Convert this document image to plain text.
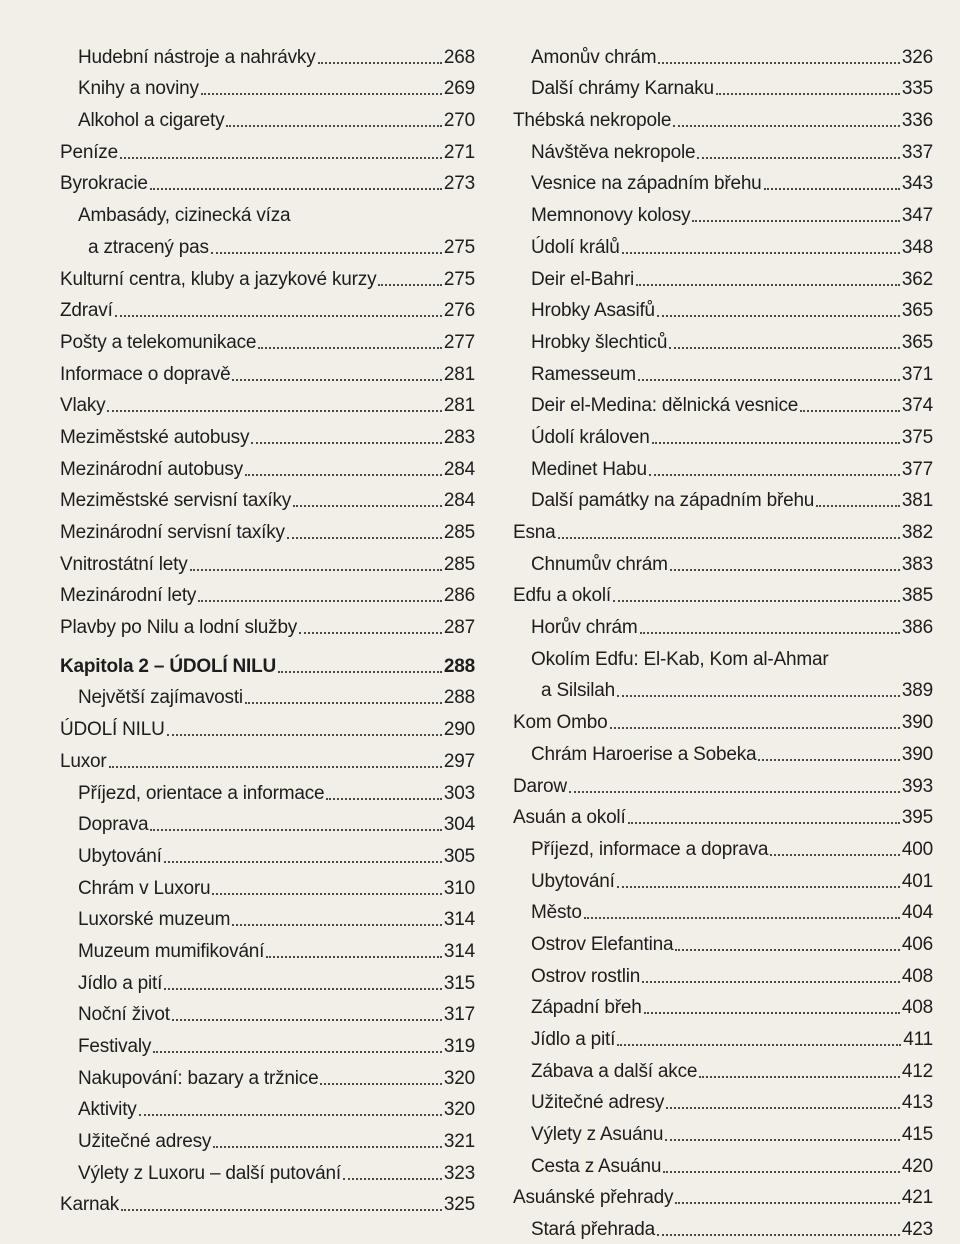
Hudební nástroje a nahrávky	268
Knihy a noviny	269
Alkohol a cigarety	270
Peníze	271
Byrokracie	273
Ambasády, cizinecká víza
a ztracený pas	275
Kulturní centra, kluby a jazykové kurzy	275
Zdraví	276
Pošty a telekomunikace	277
Informace o dopravě	281
Vlaky	281
Meziměstské autobusy	283
Mezinárodní autobusy	284
Meziměstské servisní taxíky	284
Mezinárodní servisní taxíky	285
Vnitrostátní lety	285
Mezinárodní lety	286
Plavby po Nilu a lodní služby	287
Kapitola 2 – ÚDOLÍ NILU	288
Největší zajímavosti	288
ÚDOLÍ NILU	290
Luxor	297
Příjezd, orientace a informace	303
Doprava	304
Ubytování	305
Chrám v Luxoru	310
Luxorské muzeum	314
Muzeum mumifikování	314
Jídlo a pití	315
Noční život	317
Festivaly	319
Nakupování: bazary a tržnice	320
Aktivity	320
Užitečné adresy	321
Výlety z Luxoru – další putování	323
Karnak	325
Amonův chrám	326
Další chrámy Karnaku	335
Thébská nekropole	336
Návštěva nekropole	337
Vesnice na západním břehu	343
Memnonovy kolosy	347
Údolí králů	348
Deir el-Bahri	362
Hrobky Asasifů	365
Hrobky šlechticů	365
Ramesseum	371
Deir el-Medina: dělnická vesnice	374
Údolí královen	375
Medinet Habu	377
Další památky na západním břehu	381
Esna	382
Chnumův chrám	383
Edfu a okolí	385
Horův chrám	386
Okolím Edfu: El-Kab, Kom al-Ahmar
a Silsilah	389
Kom Ombo	390
Chrám Haroerise a Sobeka	390
Darow	393
Asuán a okolí	395
Příjezd, informace a doprava	400
Ubytování	401
Město	404
Ostrov Elefantina	406
Ostrov rostlin	408
Západní břeh	408
Jídlo a pití	411
Zábava a další akce	412
Užitečné adresy	413
Výlety z Asuánu	415
Cesta z Asuánu	420
Asuánské přehrady	421
Stará přehrada	423
